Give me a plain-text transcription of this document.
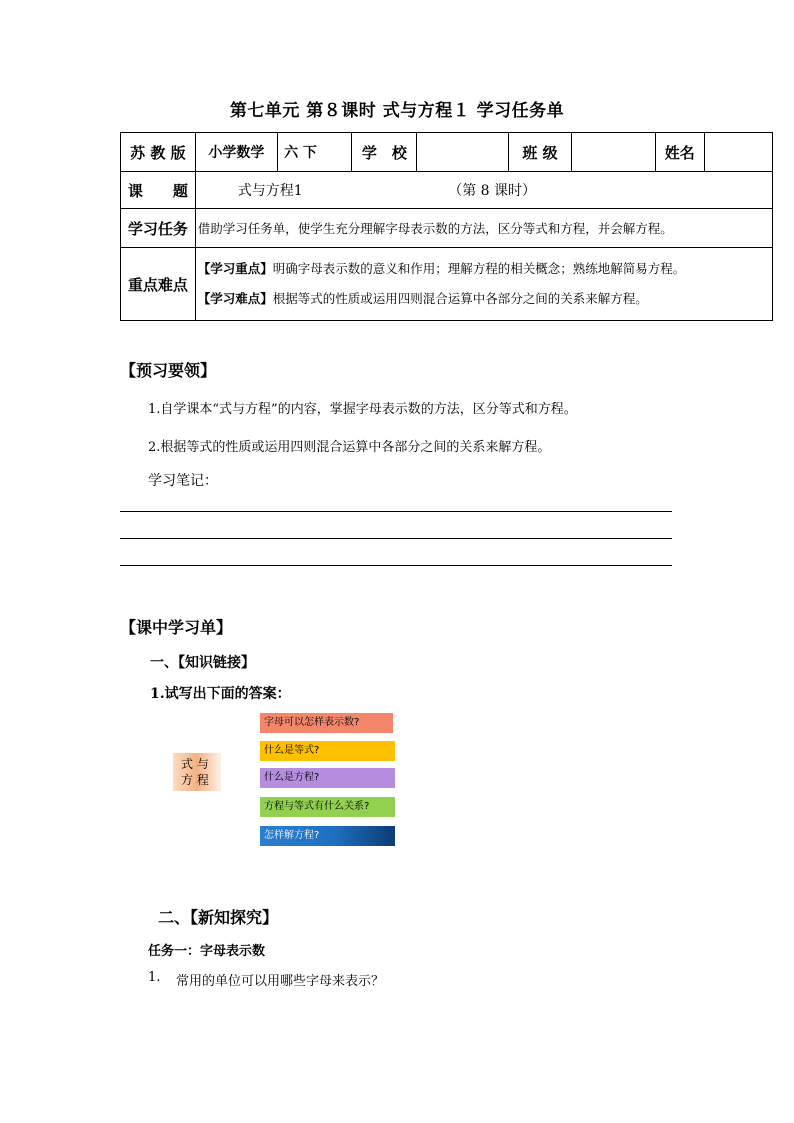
第七单元 第８课时 式与方程１ 学习任务单
苏 教 版	小学数学	六 下	学　校		班 级		姓名	
课　　题	式与方程1 （第 8 课时）							
学习任务	借助学习任务单，使学生充分理解字母表示数的方法，区分等式和方程，并会解方程。							
重点难点	【学习重点】明确字母表示数的意义和作用；理解方程的相关概念；熟练地解简易方程。
【学习难点】根据等式的性质或运用四则混合运算中各部分之间的关系来解方程。							
【预习要领】
1.自学课本“式与方程”的内容，掌握字母表示数的方法，区分等式和方程。
2.根据等式的性质或运用四则混合运算中各部分之间的关系来解方程。
学习笔记：
【课中学习单】
一、【知识链接】
1.试写出下面的答案：
式 与
方 程
字母可以怎样表示数?
什么是等式?
什么是方程?
方程与等式有什么关系?
怎样解方程?
二、【新知探究】
任务一：字母表示数
1. 常用的单位可以用哪些字母来表示？
